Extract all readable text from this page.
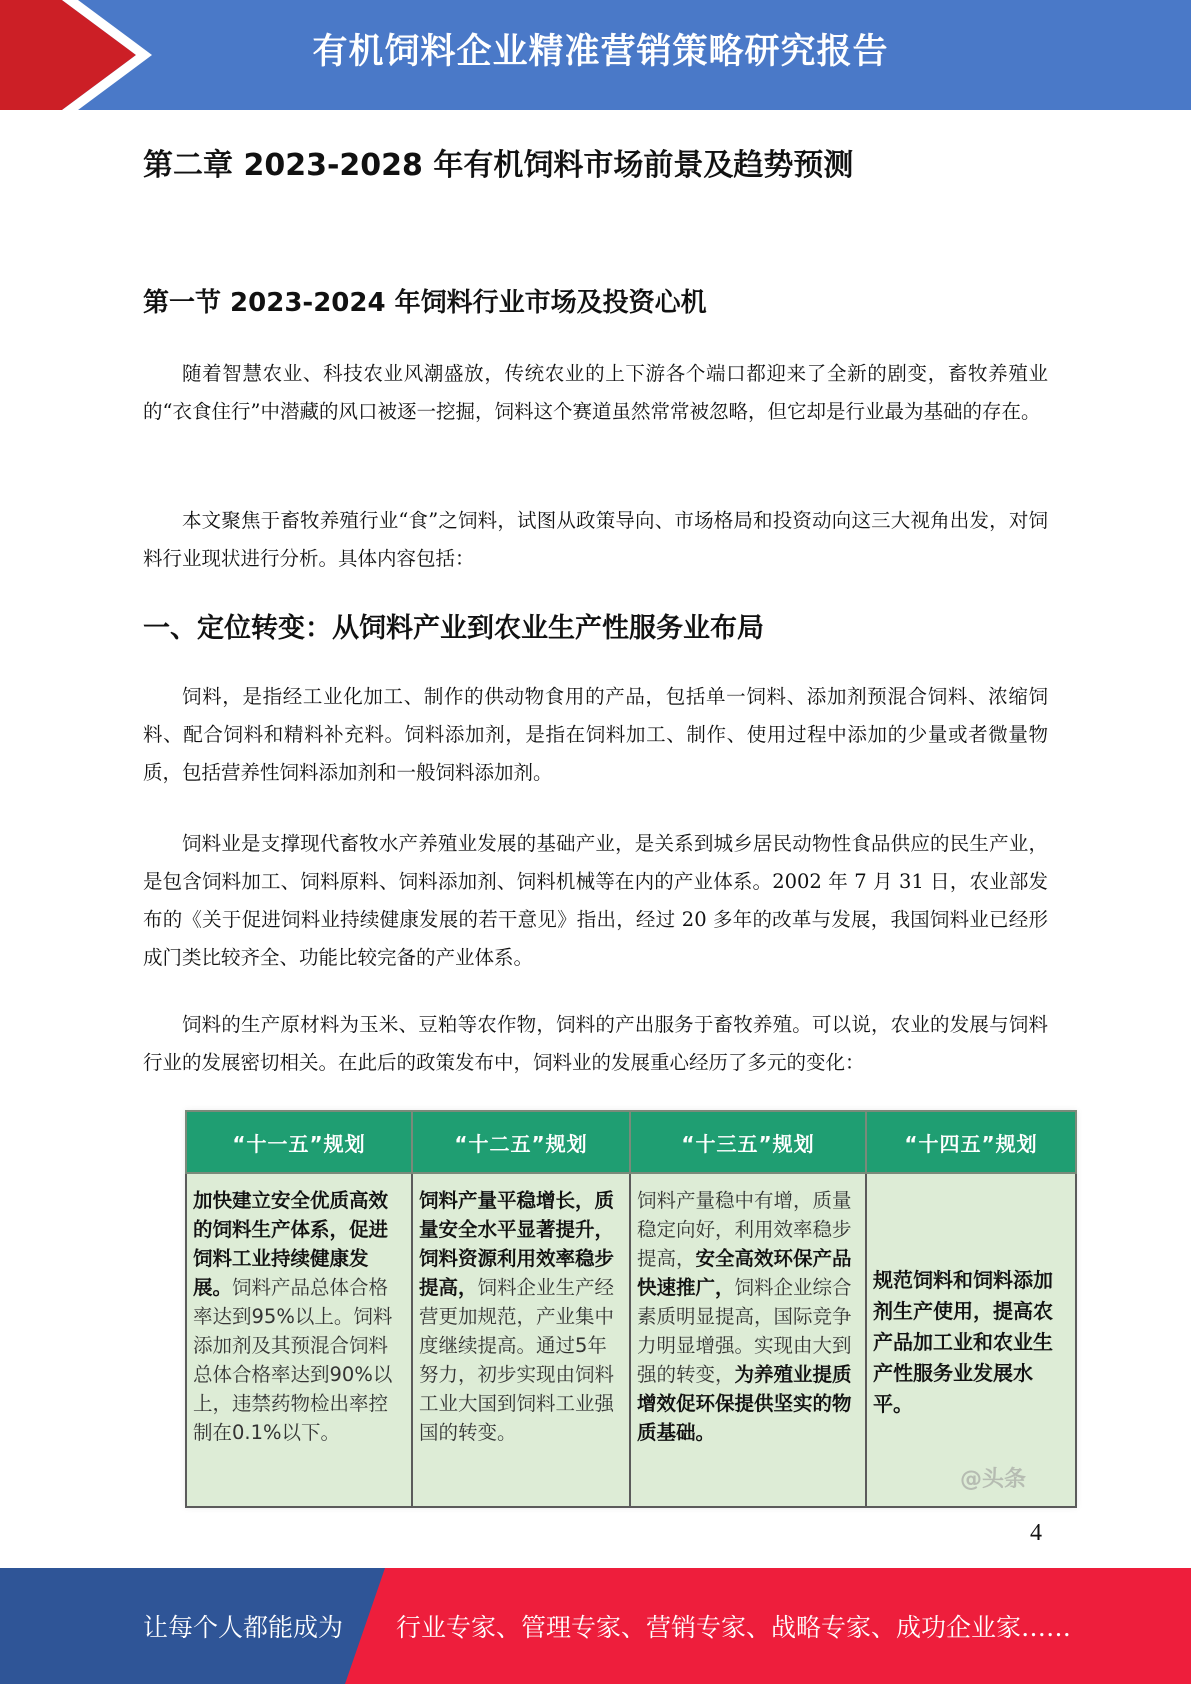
有机饲料企业精准营销策略研究报告
第二章 2023-2028 年有机饲料市场前景及趋势预测
第一节 2023-2024 年饲料行业市场及投资心机

随着智慧农业、科技农业风潮盛放，传统农业的上下游各个端口都迎来了全新的剧变，畜牧养殖业的“衣食住行”中潜藏的风口被逐一挖掘，饲料这个赛道虽然常常被忽略，但它却是行业最为基础的存在。

本文聚焦于畜牧养殖行业“食”之饲料，试图从政策导向、市场格局和投资动向这三大视角出发，对饲料行业现状进行分析。具体内容包括：

一、定位转变：从饲料产业到农业生产性服务业布局

饲料，是指经工业化加工、制作的供动物食用的产品，包括单一饲料、添加剂预混合饲料、浓缩饲料、配合饲料和精料补充料。饲料添加剂，是指在饲料加工、制作、使用过程中添加的少量或者微量物质，包括营养性饲料添加剂和一般饲料添加剂。

饲料业是支撑现代畜牧水产养殖业发展的基础产业，是关系到城乡居民动物性食品供应的民生产业，是包含饲料加工、饲料原料、饲料添加剂、饲料机械等在内的产业体系。2002 年 7 月 31 日，农业部发布的《关于促进饲料业持续健康发展的若干意见》指出，经过 20 多年的改革与发展，我国饲料业已经形成门类比较齐全、功能比较完备的产业体系。

饲料的生产原材料为玉米、豆粕等农作物，饲料的产出服务于畜牧养殖。可以说，农业的发展与饲料行业的发展密切相关。在此后的政策发布中，饲料业的发展重心经历了多元的变化：

“十一五”规划	“十二五”规划	“十三五”规划	“十四五”规划
加快建立安全优质高效的饲料生产体系，促进饲料工业持续健康发展。饲料产品总体合格率达到95%以上。饲料添加剂及其预混合饲料总体合格率达到90%以上，违禁药物检出率控制在0.1%以下。	饲料产量平稳增长，质量安全水平显著提升，饲料资源利用效率稳步提高，饲料企业生产经营更加规范，产业集中度继续提高。通过5年努力，初步实现由饲料工业大国到饲料工业强国的转变。	饲料产量稳中有增，质量稳定向好，利用效率稳步提高，安全高效环保产品快速推广，饲料企业综合素质明显提高，国际竞争力明显增强。实现由大到强的转变，为养殖业提质增效促环保提供坚实的物质基础。	规范饲料和饲料添加剂生产使用，提高农产品加工业和农业生产性服务业发展水平。
@头条
4
让每个人都能成为 行业专家、管理专家、营销专家、战略专家、成功企业家……
